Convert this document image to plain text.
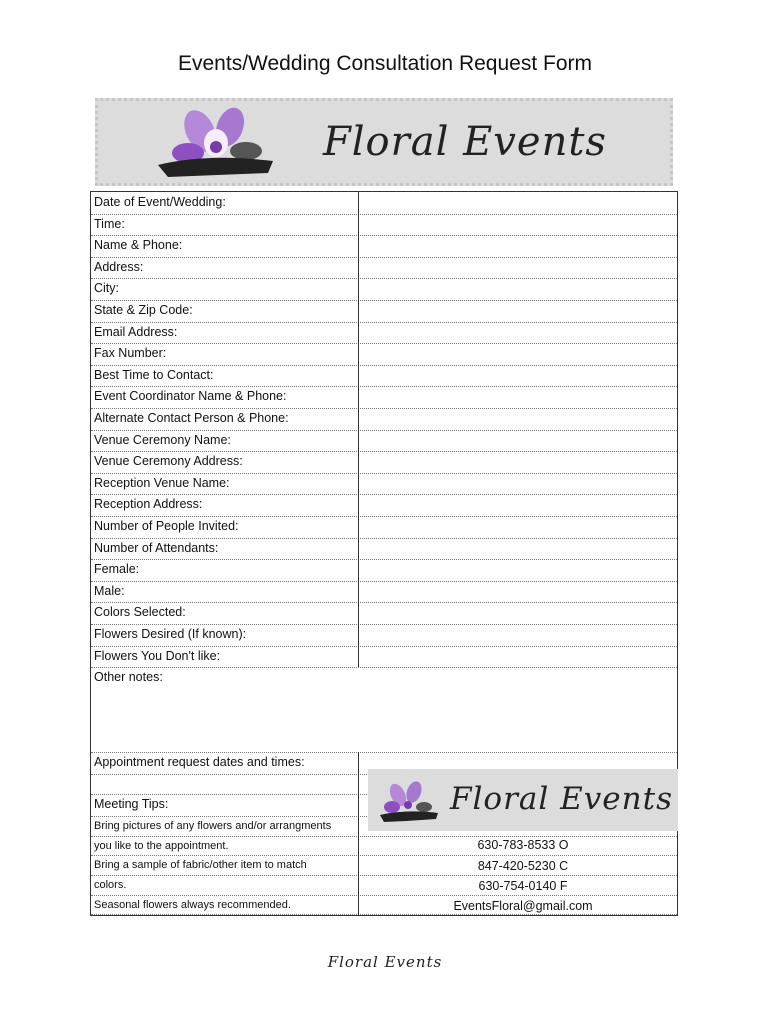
Events/Wedding Consultation Request Form
Floral Events
Date of Event/Wedding:
Time:
Name & Phone:
Address:
City:
State & Zip Code:
Email Address:
Fax Number:
Best Time to Contact:
Event Coordinator Name & Phone:
Alternate Contact Person & Phone:
Venue Ceremony Name:
Venue Ceremony Address:
Reception Venue Name:
Reception Address:
Number of People Invited:
Number of Attendants:
Female:
Male:
Colors Selected:
Flowers Desired (If known):
Flowers You Don't like:
Other notes:
Appointment request dates and times:
Meeting Tips:
Bring pictures of any flowers and/or arrangments
you like to the appointment.
Bring a sample of fabric/other item to match
colors.
Seasonal flowers always recommended.
Floral Events
630-783-8533 O
847-420-5230 C
630-754-0140 F
EventsFloral@gmail.com
Floral Events
